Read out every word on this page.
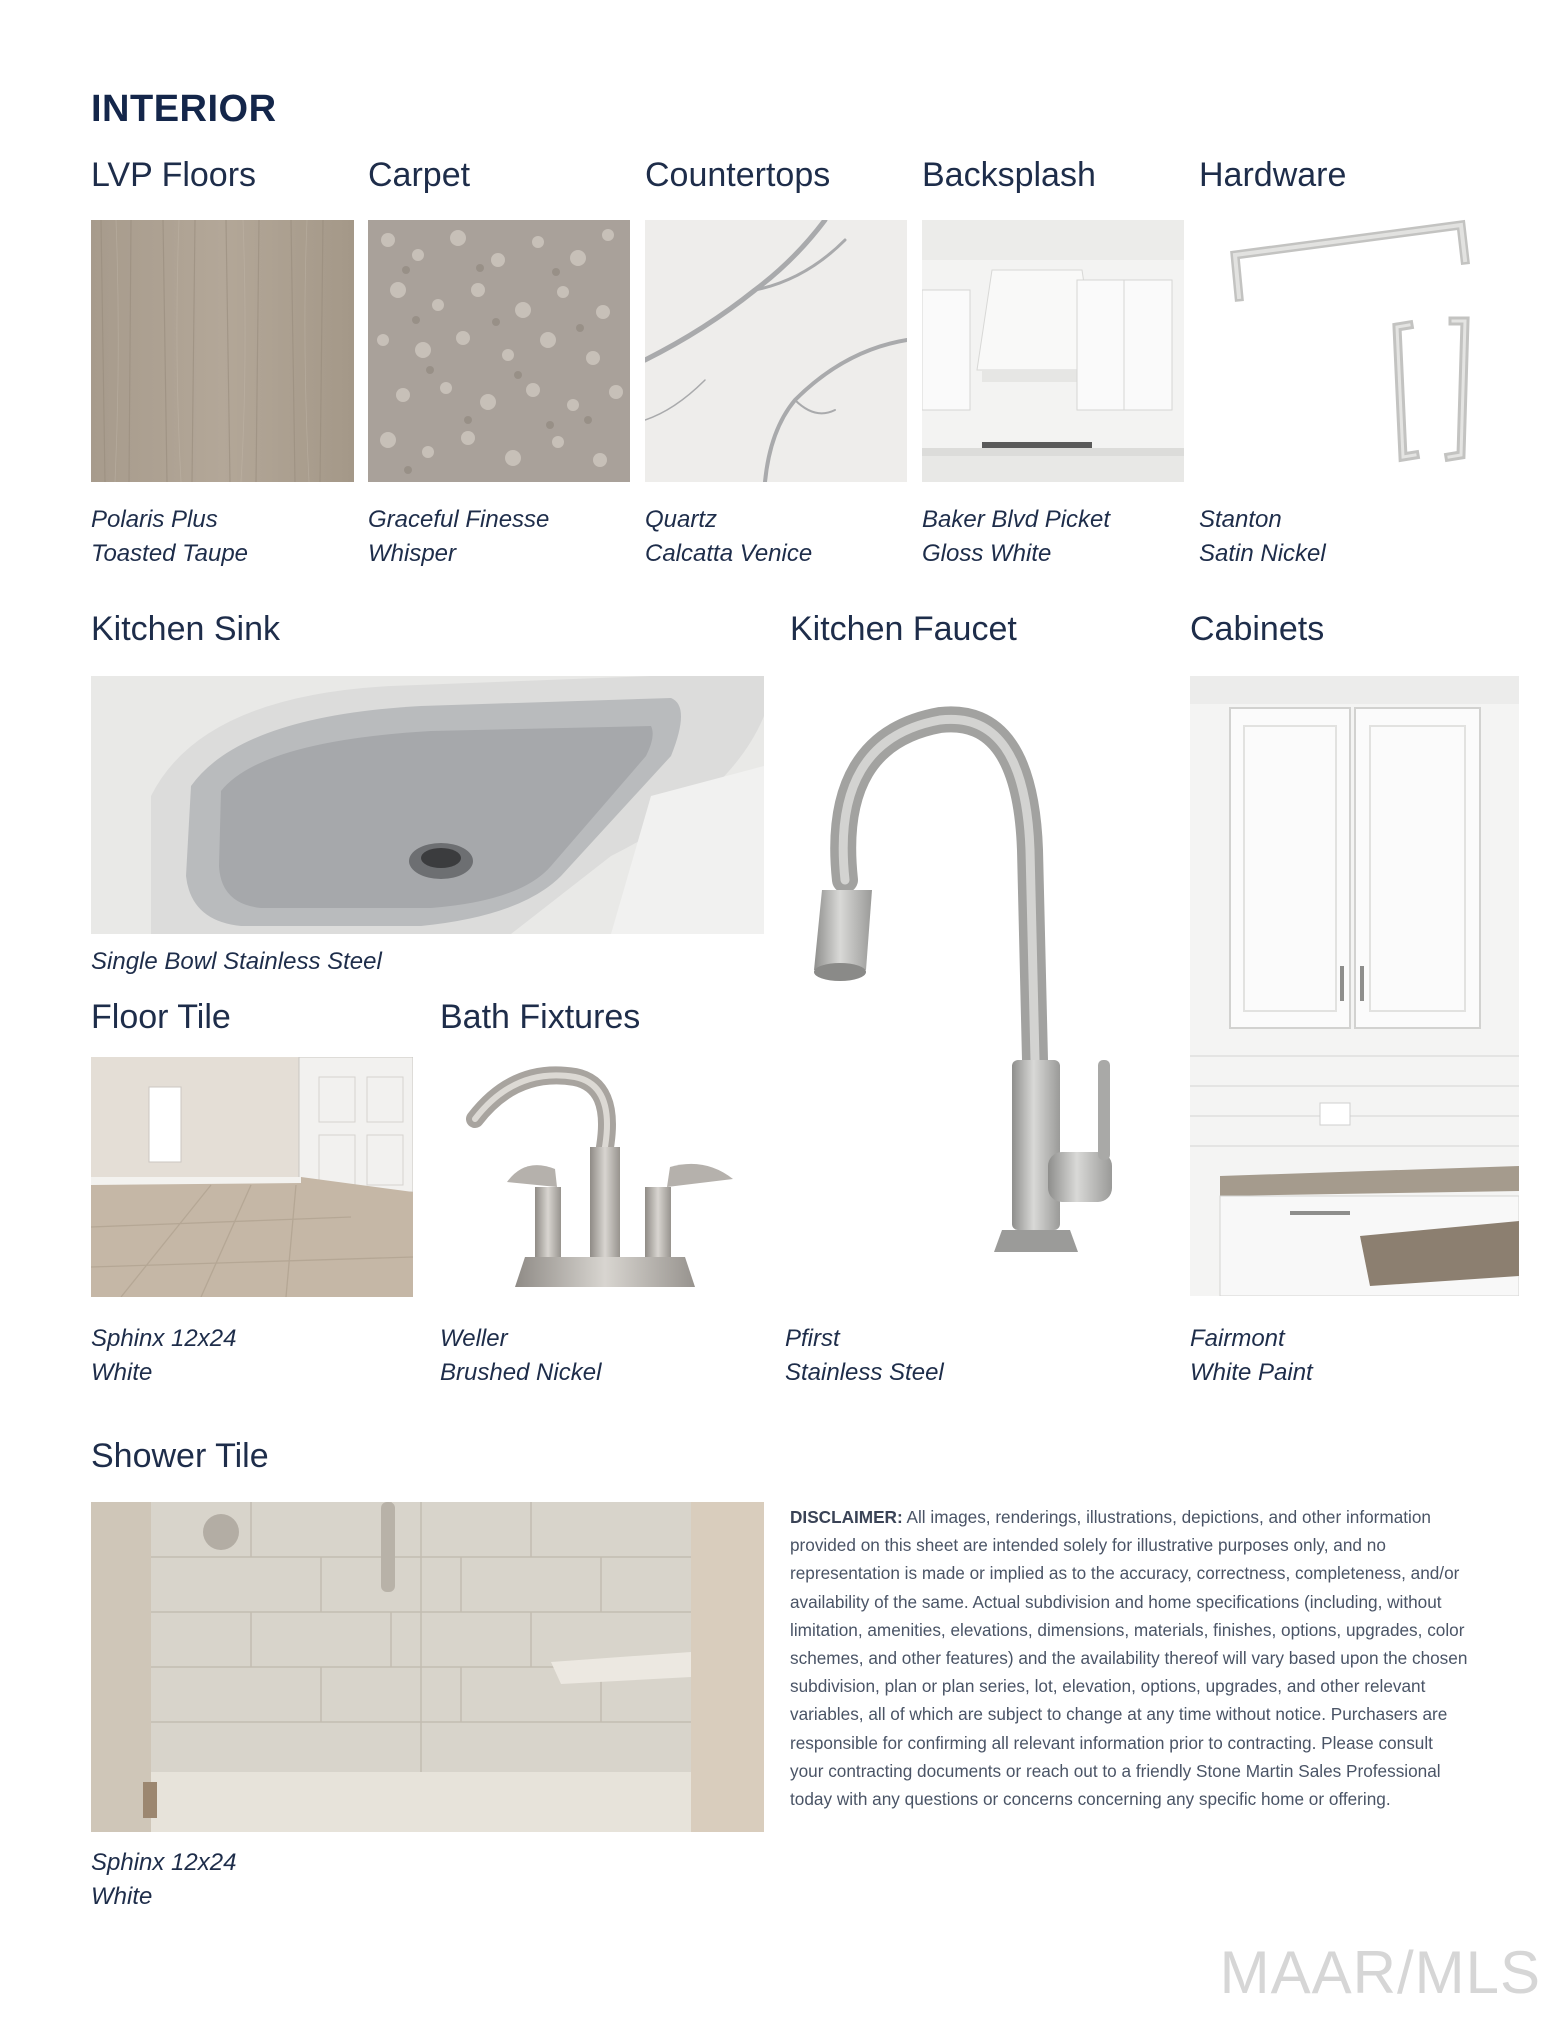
INTERIOR
LVP Floors	Carpet	Countertops	Backsplash	Hardware
Polaris Plus
Toasted Taupe
Graceful Finesse
Whisper
Quartz
Calcatta Venice
Baker Blvd Picket
Gloss White
Stanton
Satin Nickel
Kitchen Sink	Kitchen Faucet	Cabinets
Single Bowl Stainless Steel
Pfirst
Stainless Steel
Fairmont
White Paint
Floor Tile	Bath Fixtures
Sphinx 12x24
White
Weller
Brushed Nickel
Shower Tile
Sphinx 12x24
White
DISCLAIMER: All images, renderings, illustrations, depictions, and other information provided on this sheet are intended solely for illustrative purposes only, and no representation is made or implied as to the accuracy, correctness, completeness, and/or availability of the same. Actual subdivision and home specifications (including, without limitation, amenities, elevations, dimensions, materials, finishes, options, upgrades, color schemes, and other features) and the availability thereof will vary based upon the chosen subdivision, plan or plan series, lot, elevation, options, upgrades, and other relevant variables, all of which are subject to change at any time without notice. Purchasers are responsible for confirming all relevant information prior to contracting. Please consult your contracting documents or reach out to a friendly Stone Martin Sales Professional today with any questions or concerns concerning any specific home or offering.
MAAR/MLS
